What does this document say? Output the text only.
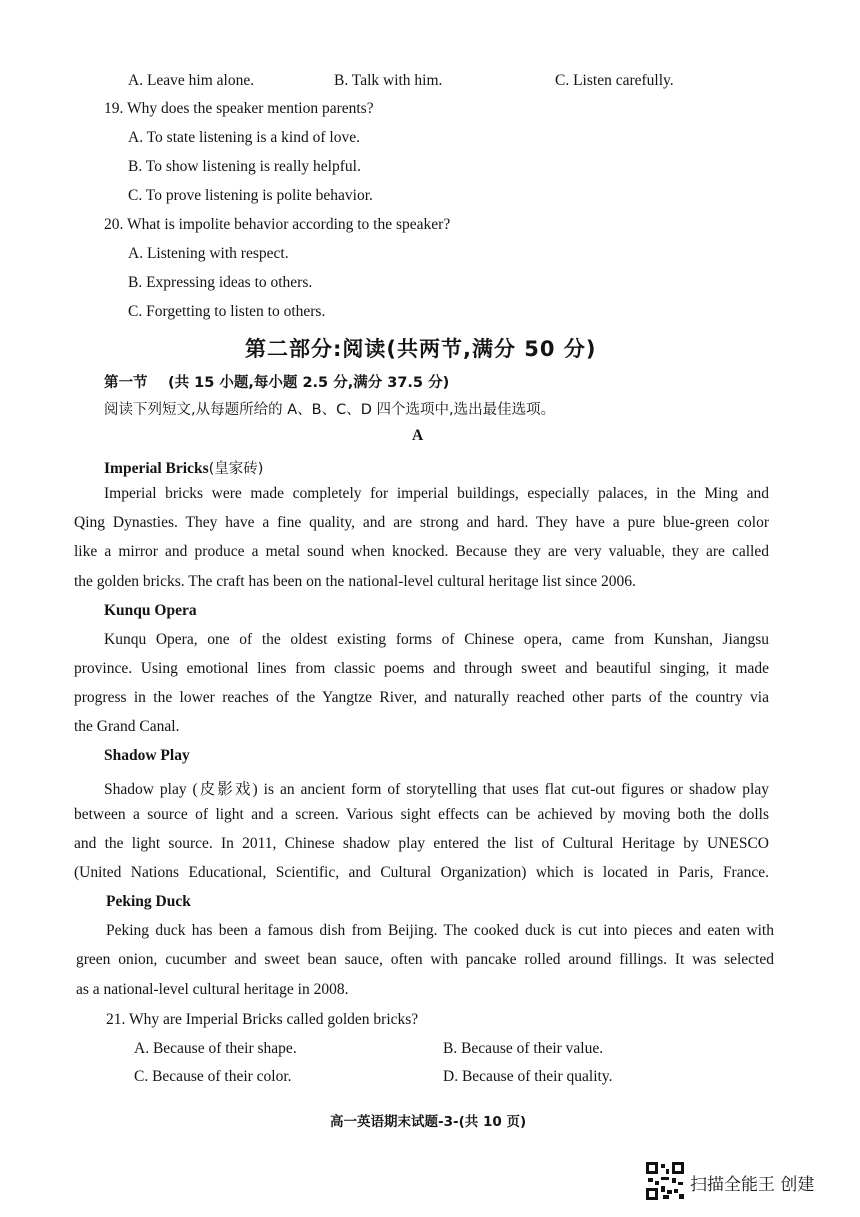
A. Leave him alone.	B. Talk with him.	C. Listen carefully.
19. Why does the speaker mention parents?
A. To state listening is a kind of love.
B. To show listening is really helpful.
C. To prove listening is polite behavior.
20. What is impolite behavior according to the speaker?
A. Listening with respect.
B. Expressing ideas to others.
C. Forgetting to listen to others.
第二部分:阅读(共两节,满分 50 分)
第一节 (共 15 小题,每小题 2.5 分,满分 37.5 分)
阅读下列短文,从每题所给的 A、B、C、D 四个选项中,选出最佳选项。
A
Imperial Bricks(皇家砖)
Imperial bricks were made completely for imperial buildings, especially palaces, in the Ming and
Qing Dynasties. They have a fine quality, and are strong and hard. They have a pure blue-green color
like a mirror and produce a metal sound when knocked. Because they are very valuable, they are called
the golden bricks. The craft has been on the national-level cultural heritage list since 2006.
Kunqu Opera
Kunqu Opera, one of the oldest existing forms of Chinese opera, came from Kunshan, Jiangsu
province. Using emotional lines from classic poems and through sweet and beautiful singing, it made
progress in the lower reaches of the Yangtze River, and naturally reached other parts of the country via
the Grand Canal.
Shadow Play
Shadow play (皮影戏) is an ancient form of storytelling that uses flat cut-out figures or shadow play
between a source of light and a screen. Various sight effects can be achieved by moving both the dolls
and the light source. In 2011, Chinese shadow play entered the list of Cultural Heritage by UNESCO
(United Nations Educational, Scientific, and Cultural Organization) which is located in Paris, France.
Peking Duck
Peking duck has been a famous dish from Beijing. The cooked duck is cut into pieces and eaten with
green onion, cucumber and sweet bean sauce, often with pancake rolled around fillings. It was selected
as a national-level cultural heritage in 2008.
21. Why are Imperial Bricks called golden bricks?
A. Because of their shape.	B. Because of their value.
C. Because of their color.	D. Because of their quality.
高一英语期末试题-3-(共 10 页)
扫描全能王 创建
